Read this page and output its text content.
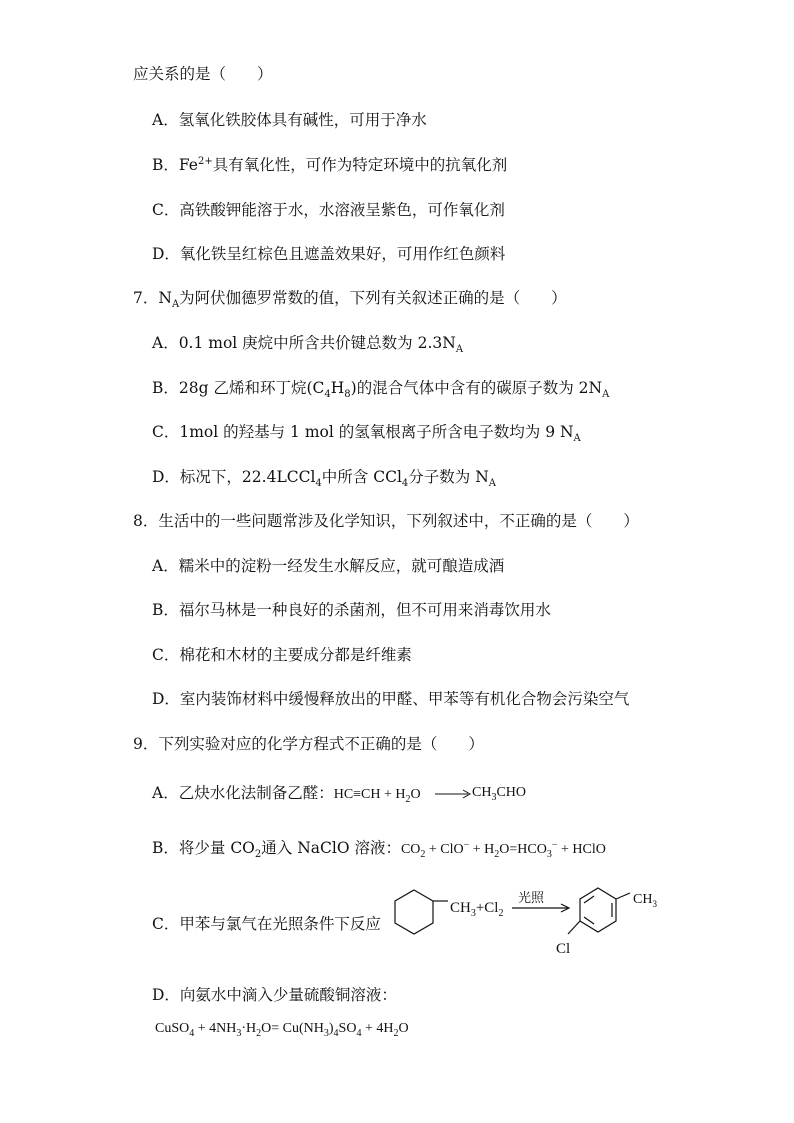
应关系的是（　　）
A．氢氧化铁胶体具有碱性，可用于净水
B．$Fe^{2+}$具有氧化性，可作为特定环境中的抗氧化剂
C．高铁酸钾能溶于水，水溶液呈紫色，可作氧化剂
D．氧化铁呈红棕色且遮盖效果好，可用作红色颜料
7．$N_A$为阿伏伽德罗常数的值，下列有关叙述正确的是（　　）
A．0.1 mol 庚烷中所含共价键总数为 $2.3N_A$
B．28g 乙烯和环丁烷$(C_4H_8)$的混合气体中含有的碳原子数为 $2N_A$
C．1mol 的羟基与 1 mol 的氢氧根离子所含电子数均为 9 $N_A$
D．标况下，22.4LCCl$_4$中所含 CCl$_4$分子数为 $N_A$
8．生活中的一些问题常涉及化学知识，下列叙述中，不正确的是（　　）
A．糯米中的淀粉一经发生水解反应，就可酿造成酒
B．福尔马林是一种良好的杀菌剂，但不可用来消毒饮用水
C．棉花和木材的主要成分都是纤维素
D．室内装饰材料中缓慢释放出的甲醛、甲苯等有机化合物会污染空气
9．下列实验对应的化学方程式不正确的是（　　）
A．乙炔水化法制备乙醛：$HC\equiv CH + H_2O \to CH_3CHO$
B．将少量 $CO_2$通入 NaClO 溶液：$CO_2 + ClO^- + H_2O=HCO_3^-$ + HClO
C．甲苯与氯气在光照条件下反应
$CH_3+Cl_2$
光照	$CH_3$
Cl
D．向氨水中滴入少量硫酸铜溶液：
CuSO$_4$ + $4NH_3\cdot H_2O= Cu(NH_3)_4SO_4 + 4H_2O$
